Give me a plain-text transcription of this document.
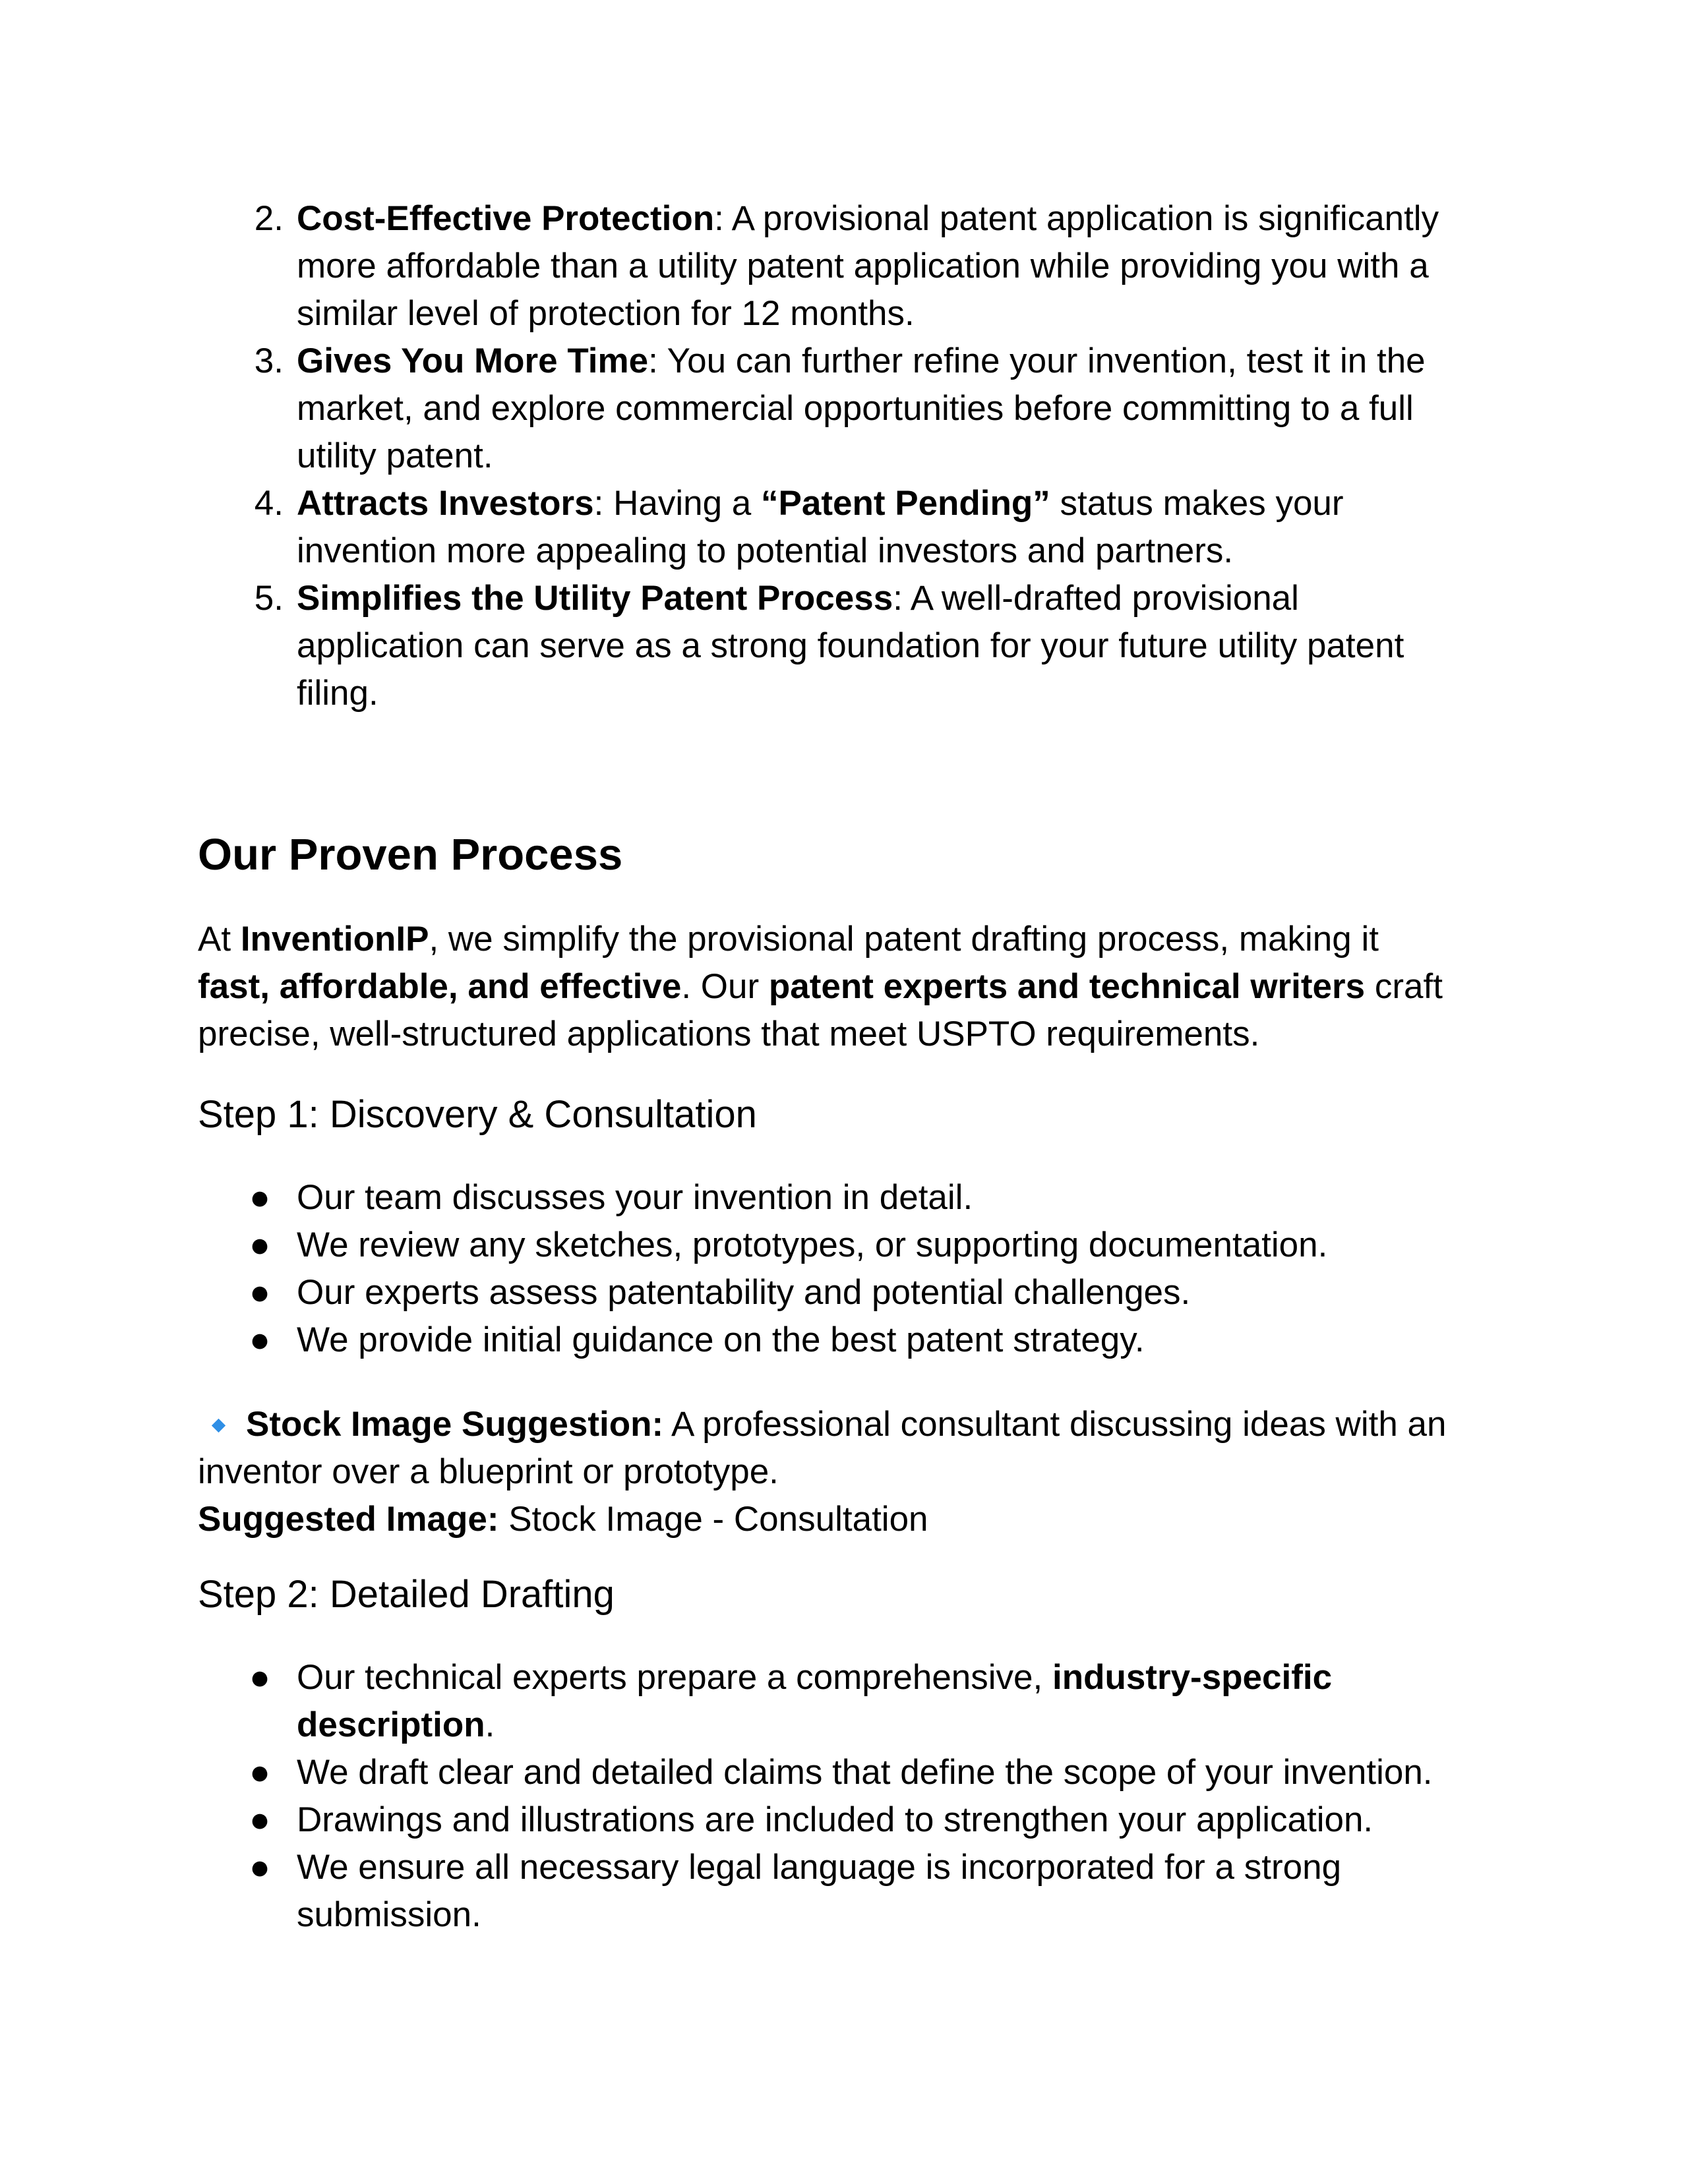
2. Cost-Effective Protection: A provisional patent application is significantly
more affordable than a utility patent application while providing you with a
similar level of protection for 12 months.
3. Gives You More Time: You can further refine your invention, test it in the
market, and explore commercial opportunities before committing to a full
utility patent.
4. Attracts Investors: Having a “Patent Pending” status makes your
invention more appealing to potential investors and partners.
5. Simplifies the Utility Patent Process: A well-drafted provisional
application can serve as a strong foundation for your future utility patent
filing.
Our Proven Process

At InventionIP, we simplify the provisional patent drafting process, making it
fast, affordable, and effective. Our patent experts and technical writers craft
precise, well-structured applications that meet USPTO requirements.

Step 1: Discovery & Consultation
● Our team discusses your invention in detail.
● We review any sketches, prototypes, or supporting documentation.
● Our experts assess patentability and potential challenges.
● We provide initial guidance on the best patent strategy.

Stock Image Suggestion: A professional consultant discussing ideas with an
inventor over a blueprint or prototype.
Suggested Image: Stock Image - Consultation

Step 2: Detailed Drafting
● Our technical experts prepare a comprehensive, industry-specific
description.
● We draft clear and detailed claims that define the scope of your invention.
● Drawings and illustrations are included to strengthen your application.
● We ensure all necessary legal language is incorporated for a strong
submission.
